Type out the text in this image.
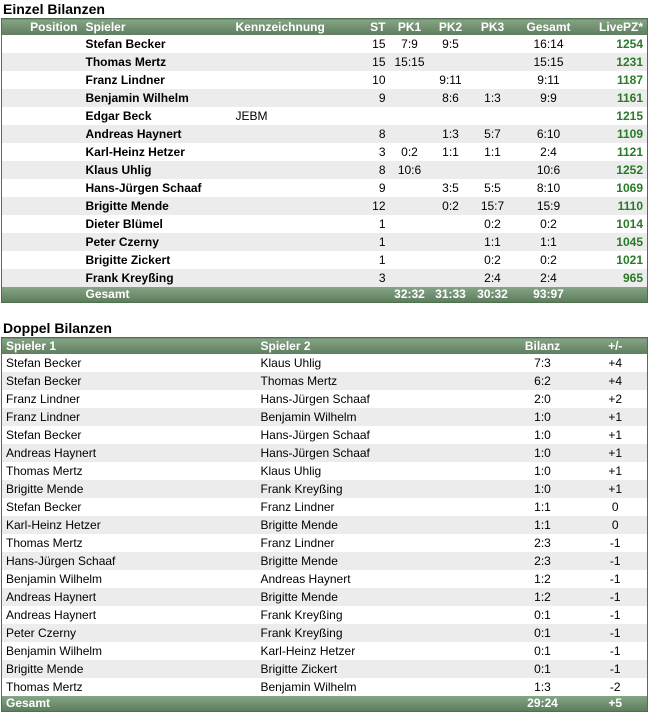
Einzel Bilanzen
Position	Spieler	Kennzeichnung	ST	PK1	PK2	PK3	Gesamt	LivePZ*
	Stefan Becker		15	7:9	9:5		16:14	1254
	Thomas Mertz		15	15:15			15:15	1231
	Franz Lindner		10		9:11		9:11	1187
	Benjamin Wilhelm		9		8:6	1:3	9:9	1161
	Edgar Beck	JEBM						1215
	Andreas Haynert		8		1:3	5:7	6:10	1109
	Karl-Heinz Hetzer		3	0:2	1:1	1:1	2:4	1121
	Klaus Uhlig		8	10:6			10:6	1252
	Hans-Jürgen Schaaf		9		3:5	5:5	8:10	1069
	Brigitte Mende		12		0:2	15:7	15:9	1110
	Dieter Blümel		1			0:2	0:2	1014
	Peter Czerny		1			1:1	1:1	1045
	Brigitte Zickert		1			0:2	0:2	1021
	Frank Kreyßing		3			2:4	2:4	965
	Gesamt			32:32	31:33	30:32	93:97	
Doppel Bilanzen
Spieler 1	Spieler 2	Bilanz	+/-
Stefan Becker	Klaus Uhlig	7:3	+4
Stefan Becker	Thomas Mertz	6:2	+4
Franz Lindner	Hans-Jürgen Schaaf	2:0	+2
Franz Lindner	Benjamin Wilhelm	1:0	+1
Stefan Becker	Hans-Jürgen Schaaf	1:0	+1
Andreas Haynert	Hans-Jürgen Schaaf	1:0	+1
Thomas Mertz	Klaus Uhlig	1:0	+1
Brigitte Mende	Frank Kreyßing	1:0	+1
Stefan Becker	Franz Lindner	1:1	0
Karl-Heinz Hetzer	Brigitte Mende	1:1	0
Thomas Mertz	Franz Lindner	2:3	-1
Hans-Jürgen Schaaf	Brigitte Mende	2:3	-1
Benjamin Wilhelm	Andreas Haynert	1:2	-1
Andreas Haynert	Brigitte Mende	1:2	-1
Andreas Haynert	Frank Kreyßing	0:1	-1
Peter Czerny	Frank Kreyßing	0:1	-1
Benjamin Wilhelm	Karl-Heinz Hetzer	0:1	-1
Brigitte Mende	Brigitte Zickert	0:1	-1
Thomas Mertz	Benjamin Wilhelm	1:3	-2
Gesamt		29:24	+5
